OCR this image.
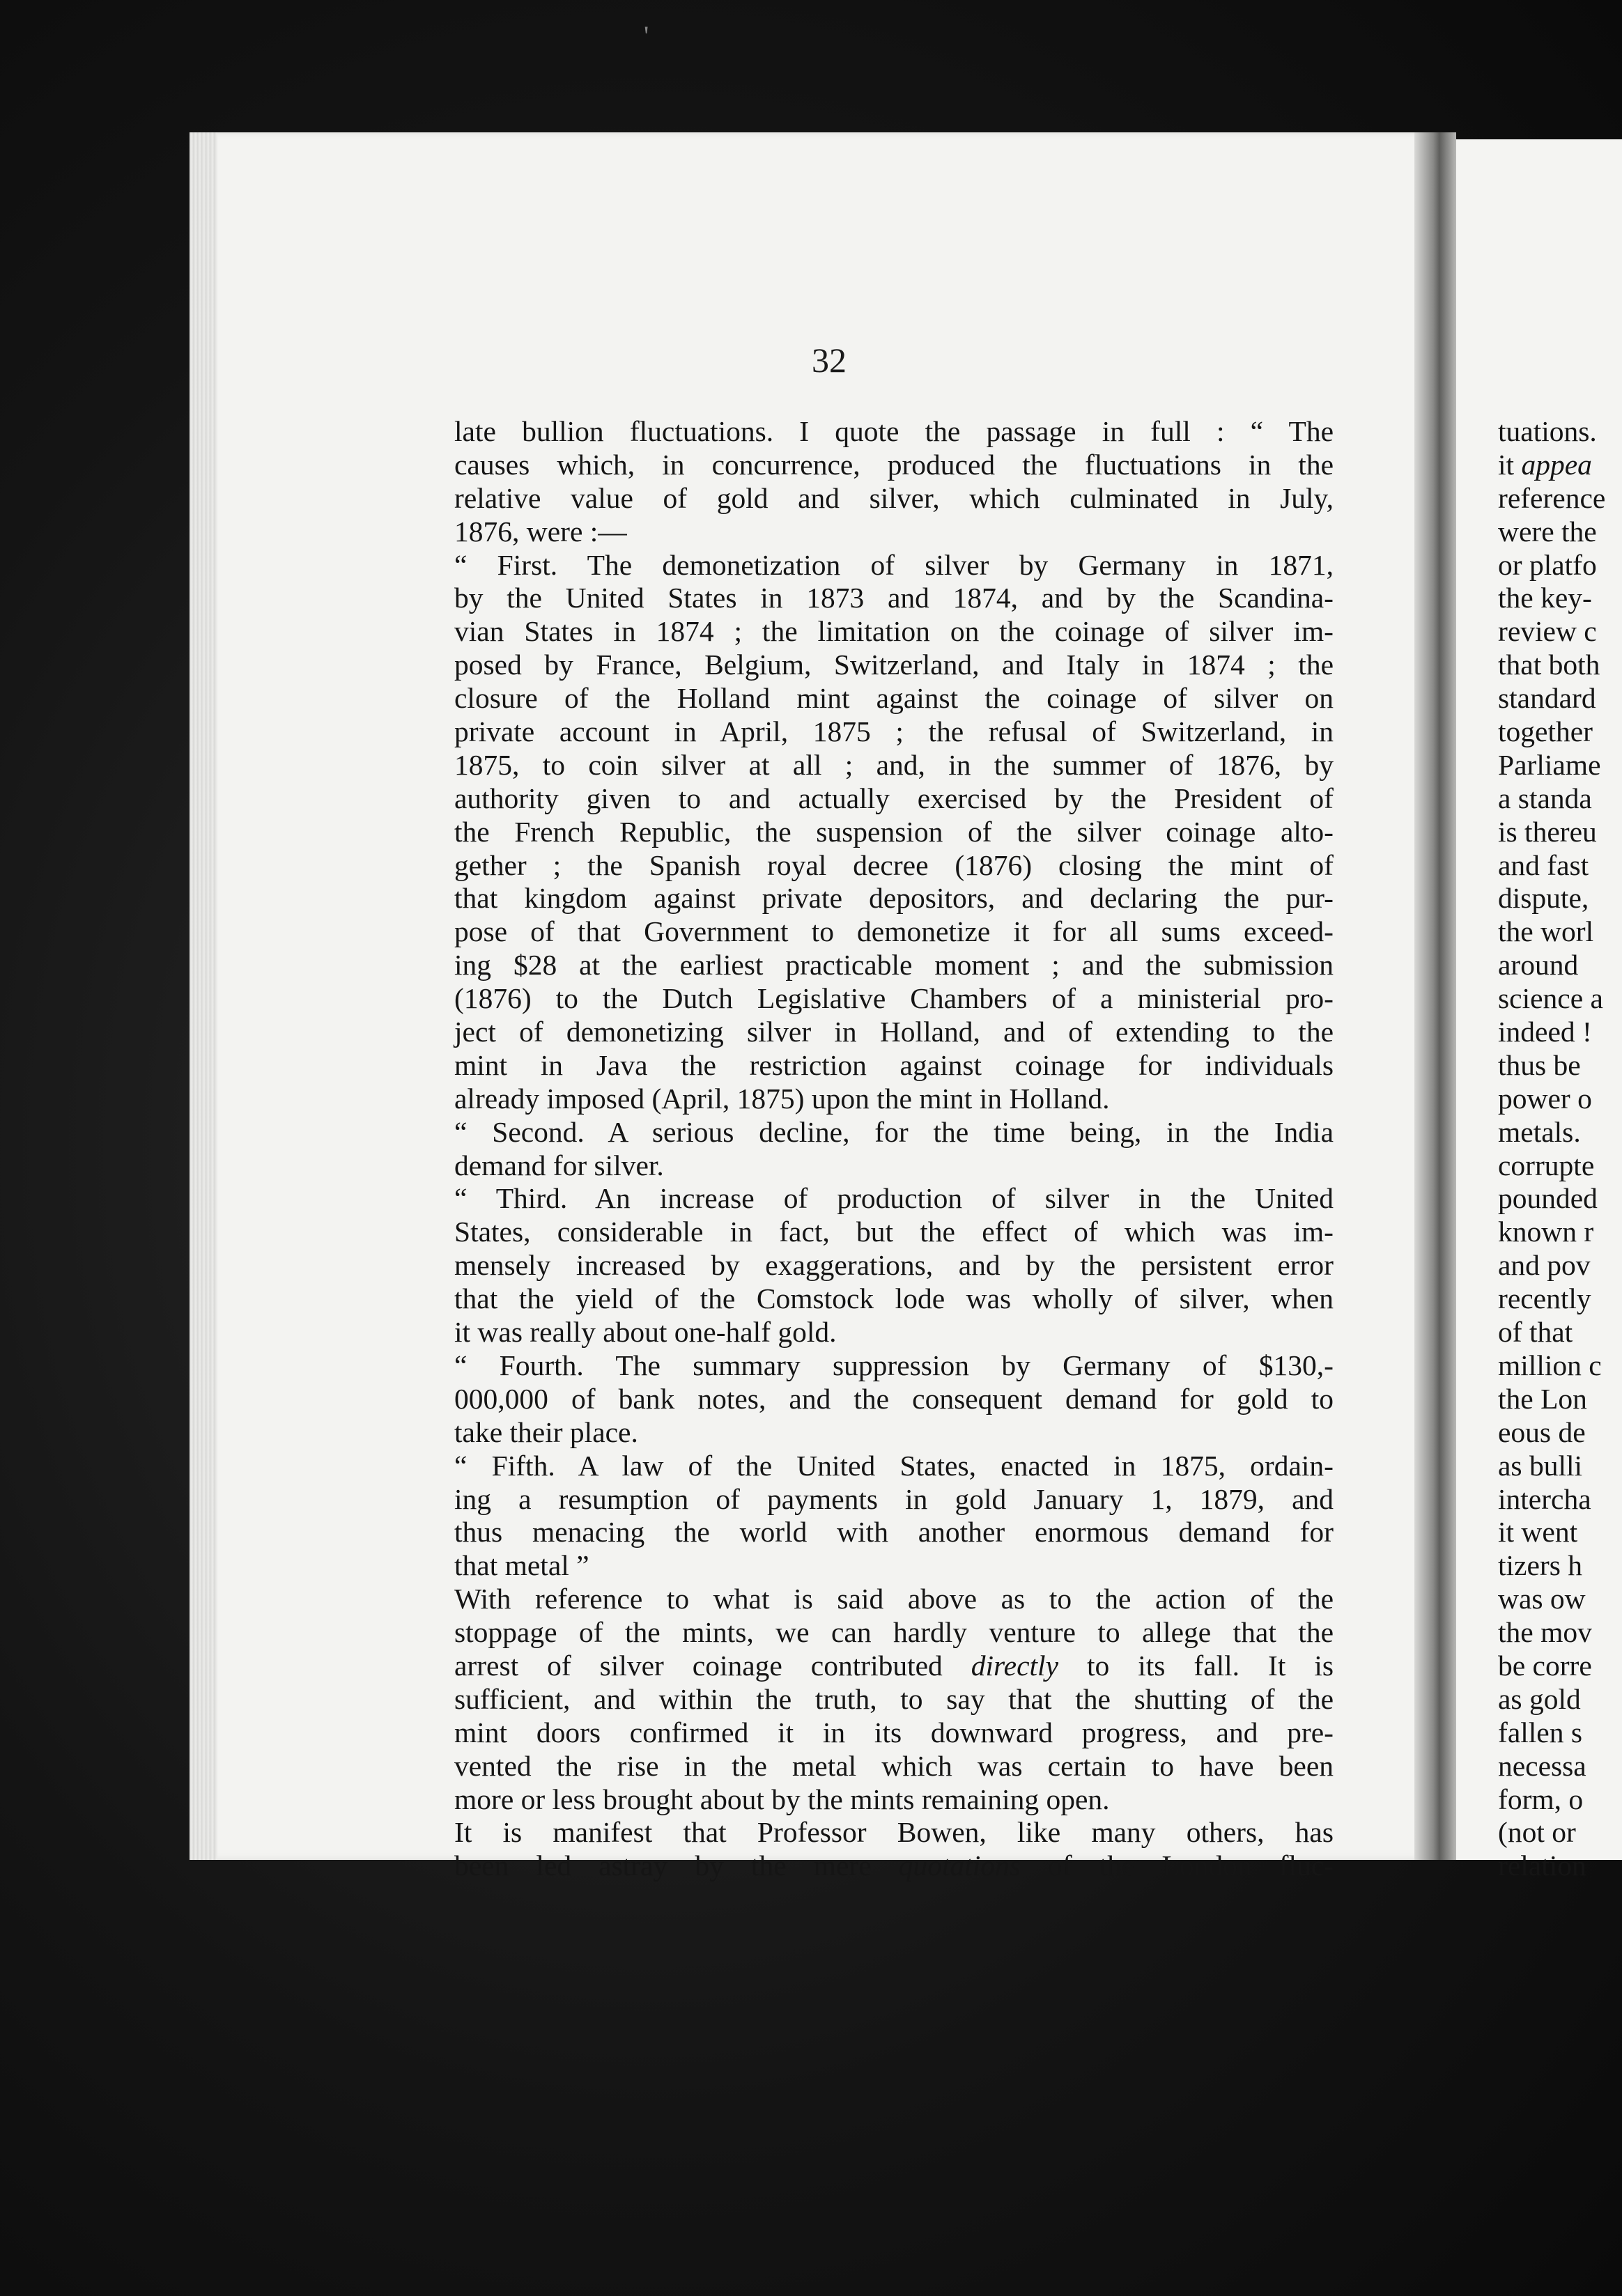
'
32
late bullion fluctuations. I quote the passage in full : “ The
causes which, in concurrence, produced the fluctuations in the
relative value of gold and silver, which culminated in July,
1876, were :—
“ First. The demonetization of silver by Germany in 1871,
by the United States in 1873 and 1874, and by the Scandina-
vian States in 1874 ; the limitation on the coinage of silver im-
posed by France, Belgium, Switzerland, and Italy in 1874 ; the
closure of the Holland mint against the coinage of silver on
private account in April, 1875 ; the refusal of Switzerland, in
1875, to coin silver at all ; and, in the summer of 1876, by
authority given to and actually exercised by the President of
the French Republic, the suspension of the silver coinage alto-
gether ; the Spanish royal decree (1876) closing the mint of
that kingdom against private depositors, and declaring the pur-
pose of that Government to demonetize it for all sums exceed-
ing $28 at the earliest practicable moment ; and the submission
(1876) to the Dutch Legislative Chambers of a ministerial pro-
ject of demonetizing silver in Holland, and of extending to the
mint in Java the restriction against coinage for individuals
already imposed (April, 1875) upon the mint in Holland.
“ Second. A serious decline, for the time being, in the India
demand for silver.
“ Third. An increase of production of silver in the United
States, considerable in fact, but the effect of which was im-
mensely increased by exaggerations, and by the persistent error
that the yield of the Comstock lode was wholly of silver, when
it was really about one-half gold.
“ Fourth. The summary suppression by Germany of $130,-
000,000 of bank notes, and the consequent demand for gold to
take their place.
“ Fifth. A law of the United States, enacted in 1875, ordain-
ing a resumption of payments in gold January 1, 1879, and
thus menacing the world with another enormous demand for
that metal ”
With reference to what is said above as to the action of the
stoppage of the mints, we can hardly venture to allege that the
arrest of silver coinage contributed directly to its fall. It is
sufficient, and within the truth, to say that the shutting of the
mint doors confirmed it in its downward progress, and pre-
vented the rise in the metal which was certain to have been
more or less brought about by the mints remaining open.
It is manifest that Professor Bowen, like many others, has
been led astray by the mere quotations of the London fluc-
tuations.
it appea
reference
were the
or platfo
the key-
review c
that both
standard
together
Parliame
a standa
is thereu
and fast
dispute,
the worl
around
science a
indeed !
thus be
power o
metals.
corrupte
pounded
known r
and pov
recently
of that
million c
the Lon
eous de
as bulli
intercha
it went
tizers h
was ow
the mov
be corre
as gold
fallen s
necessa
form, o
(not or
relation
